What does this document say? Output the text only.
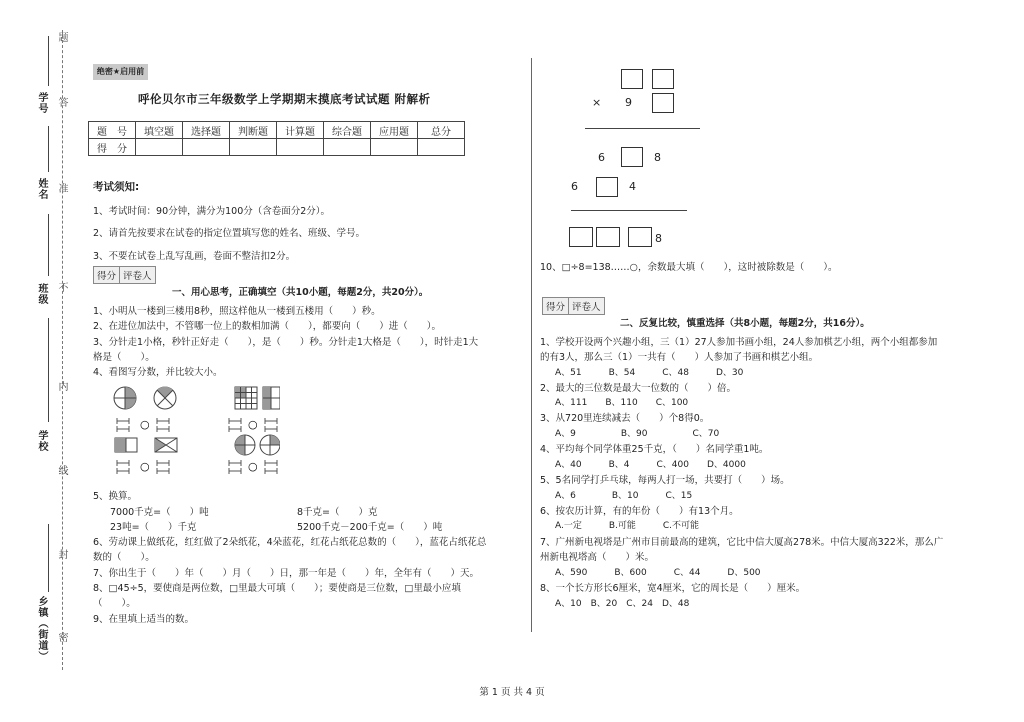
题
学号 答
姓名 准
班级 不
内
学校
线
封
乡镇（街道） 密
绝密★启用前
呼伦贝尔市三年级数学上学期期末摸底考试试题 附解析
题　号	填空题	选择题	判断题	计算题	综合题	应用题	总分
得　分							
考试须知:
1、考试时间：90分钟，满分为100分（含卷面分2分）。
2、请首先按要求在试卷的指定位置填写您的姓名、班级、学号。
3、不要在试卷上乱写乱画，卷面不整洁扣2分。
得分 评卷人
一、用心思考，正确填空（共10小题，每题2分，共20分）。
1、小明从一楼到三楼用8秒，照这样他从一楼到五楼用（　　）秒。
2、在进位加法中，不管哪一位上的数相加满（　　），都要向（　　）进（　　）。
3、分针走1小格，秒针正好走（　　），是（　　）秒。分针走1大格是（　　），时针走1大
格是（　　）。
4、看图写分数，并比较大小。
○	○
○	○
5、换算。
7000千克=（　　）吨	8千克=（　　）克
23吨=（　　）千克	5200千克－200千克=（　　）吨
6、劳动课上做纸花，红红做了2朵纸花，4朵蓝花，红花占纸花总数的（　　），蓝花占纸花总
数的（　　）。
7、你出生于（　　）年（　　）月（　　）日，那一年是（　　）年，全年有（　　）天。
8、□45÷5，要使商是两位数，□里最大可填（　　）；要使商是三位数，□里最小应填
（　　）。
9、在里填上适当的数。
× 9
6	8
6	4
8
10、□÷8=138……○，余数最大填（　　），这时被除数是（　　）。
得分 评卷人
二、反复比较，慎重选择（共8小题，每题2分，共16分）。
1、学校开设两个兴趣小组，三（1）27人参加书画小组，24人参加棋艺小组，两个小组都参加
的有3人，那么三（1）一共有（　　）人参加了书画和棋艺小组。
A、51　　　B、54　　　C、48　　　D、30
2、最大的三位数是最大一位数的（　　）倍。
A、111　　B、110　　C、100
3、从720里连续减去（　　）个8得0。
A、9　　　　　B、90　　　　　C、70
4、平均每个同学体重25千克，（　　）名同学重1吨。
A、40　　　B、4　　　C、400　　D、4000
5、5名同学打乒乓球，每两人打一场，共要打（　　）场。
A、6　　　　B、10　　　C、15
6、按农历计算，有的年份（　　）有13个月。
A.一定　　　B.可能　　　C.不可能
7、广州新电视塔是广州市目前最高的建筑，它比中信大厦高278米。中信大厦高322米，那么广
州新电视塔高（　　）米。
A、590　　　B、600　　　C、44　　　D、500
8、一个长方形长6厘米，宽4厘米，它的周长是（　　）厘米。
A、10　B、20　C、24　D、48
第 1 页 共 4 页
